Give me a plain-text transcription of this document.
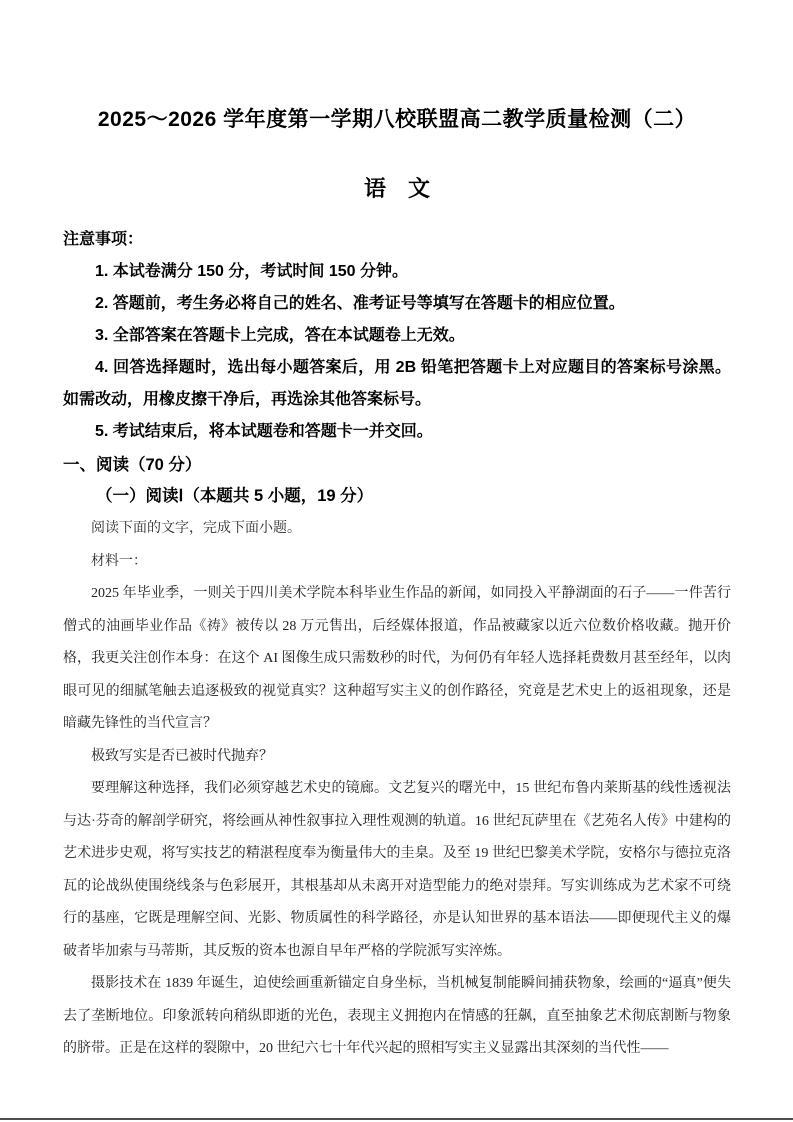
2025～2026 学年度第一学期八校联盟高二教学质量检测（二）
语　文
注意事项：
1. 本试卷满分 150 分，考试时间 150 分钟。
2. 答题前，考生务必将自己的姓名、准考证号等填写在答题卡的相应位置。
3. 全部答案在答题卡上完成，答在本试题卷上无效。
4. 回答选择题时，选出每小题答案后，用 2B 铅笔把答题卡上对应题目的答案标号涂黑。如需改动，用橡皮擦干净后，再选涂其他答案标号。
5. 考试结束后，将本试题卷和答题卡一并交回。
一、阅读（70 分）
（一）阅读Ⅰ（本题共 5 小题，19 分）
阅读下面的文字，完成下面小题。
材料一：
2025 年毕业季，一则关于四川美术学院本科毕业生作品的新闻，如同投入平静湖面的石子——一件苦行僧式的油画毕业作品《祷》被传以 28 万元售出，后经媒体报道，作品被藏家以近六位数价格收藏。抛开价格，我更关注创作本身：在这个 AI 图像生成只需数秒的时代，为何仍有年轻人选择耗费数月甚至经年，以肉眼可见的细腻笔触去追逐极致的视觉真实？这种超写实主义的创作路径，究竟是艺术史上的返祖现象，还是暗藏先锋性的当代宣言？
极致写实是否已被时代抛弃？
要理解这种选择，我们必须穿越艺术史的镜廊。文艺复兴的曙光中，15 世纪布鲁内莱斯基的线性透视法与达·芬奇的解剖学研究，将绘画从神性叙事拉入理性观测的轨道。16 世纪瓦萨里在《艺苑名人传》中建构的艺术进步史观，将写实技艺的精湛程度奉为衡量伟大的圭臬。及至 19 世纪巴黎美术学院，安格尔与德拉克洛瓦的论战纵使围绕线条与色彩展开，其根基却从未离开对造型能力的绝对崇拜。写实训练成为艺术家不可绕行的基座，它既是理解空间、光影、物质属性的科学路径，亦是认知世界的基本语法——即便现代主义的爆破者毕加索与马蒂斯，其反叛的资本也源自早年严格的学院派写实淬炼。
摄影技术在 1839 年诞生，迫使绘画重新锚定自身坐标，当机械复制能瞬间捕获物象，绘画的“逼真”便失去了垄断地位。印象派转向稍纵即逝的光色，表现主义拥抱内在情感的狂飙，直至抽象艺术彻底割断与物象的脐带。正是在这样的裂隙中，20 世纪六七十年代兴起的照相写实主义显露出其深刻的当代性——
